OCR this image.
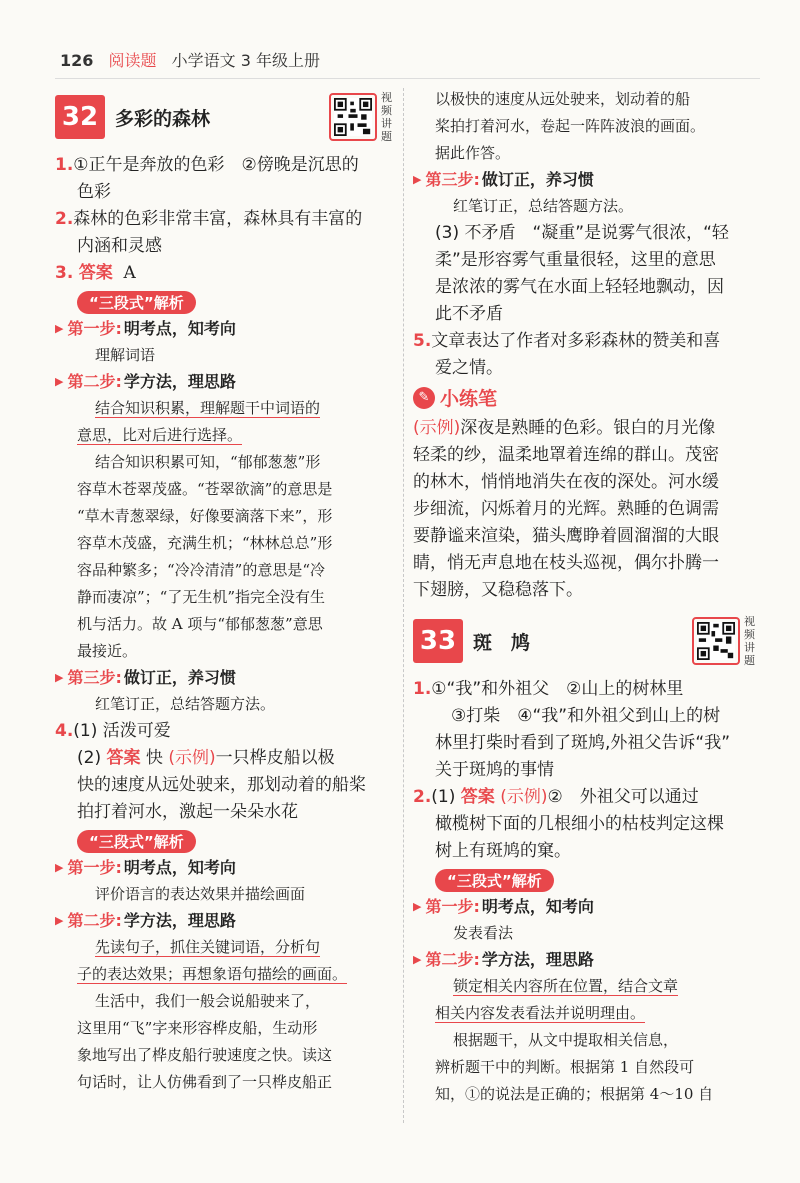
126 阅读题 小学语文 3 年级上册
32 多彩的森林
视频讲题
1.①正午是奔放的色彩　②傍晚是沉思的
色彩
2.森林的色彩非常丰富，森林具有丰富的
内涵和灵感
3. 答案 A
“三段式”解析
▶ 第一步: 明考点，知考向
理解词语
▶ 第二步: 学方法，理思路
结合知识积累，理解题干中词语的
意思，比对后进行选择。
结合知识积累可知，“郁郁葱葱”形
容草木苍翠茂盛。“苍翠欲滴”的意思是
“草木青葱翠绿，好像要滴落下来”，形
容草木茂盛，充满生机；“林林总总”形
容品种繁多；“冷冷清清”的意思是“冷
静而凄凉”；“了无生机”指完全没有生
机与活力。故 A 项与“郁郁葱葱”意思
最接近。
▶ 第三步: 做订正，养习惯
红笔订正，总结答题方法。
4.(1) 活泼可爱
(2) 答案 快 (示例)一只桦皮船以极
快的速度从远处驶来，那划动着的船桨
拍打着河水，激起一朵朵水花
“三段式”解析
▶ 第一步: 明考点，知考向
评价语言的表达效果并描绘画面
▶ 第二步: 学方法，理思路
先读句子，抓住关键词语，分析句
子的表达效果；再想象语句描绘的画面。
生活中，我们一般会说船驶来了，
这里用“飞”字来形容桦皮船，生动形
象地写出了桦皮船行驶速度之快。读这
句话时，让人仿佛看到了一只桦皮船正
以极快的速度从远处驶来，划动着的船
桨拍打着河水，卷起一阵阵波浪的画面。
据此作答。
▶ 第三步: 做订正，养习惯
红笔订正，总结答题方法。
(3) 不矛盾　“凝重”是说雾气很浓，“轻
柔”是形容雾气重量很轻，这里的意思
是浓浓的雾气在水面上轻轻地飘动，因
此不矛盾
5.文章表达了作者对多彩森林的赞美和喜
爱之情。
✎ 小练笔
(示例)深夜是熟睡的色彩。银白的月光像
轻柔的纱，温柔地罩着连绵的群山。茂密
的林木，悄悄地消失在夜的深处。河水缓
步细流，闪烁着月的光辉。熟睡的色调需
要静谧来渲染，猫头鹰睁着圆溜溜的大眼
睛，悄无声息地在枝头巡视，偶尔扑腾一
下翅膀，又稳稳落下。
33 斑　鸠
视频讲题
1.①“我”和外祖父　②山上的树林里
③打柴　④“我”和外祖父到山上的树
林里打柴时看到了斑鸠,外祖父告诉“我”
关于斑鸠的事情
2.(1) 答案 (示例)②　外祖父可以通过
橄榄树下面的几根细小的枯枝判定这棵
树上有斑鸠的窠。
“三段式”解析
▶ 第一步: 明考点，知考向
发表看法
▶ 第二步: 学方法，理思路
锁定相关内容所在位置，结合文章
相关内容发表看法并说明理由。
根据题干，从文中提取相关信息，
辨析题干中的判断。根据第 1 自然段可
知，①的说法是正确的；根据第 4～10 自
